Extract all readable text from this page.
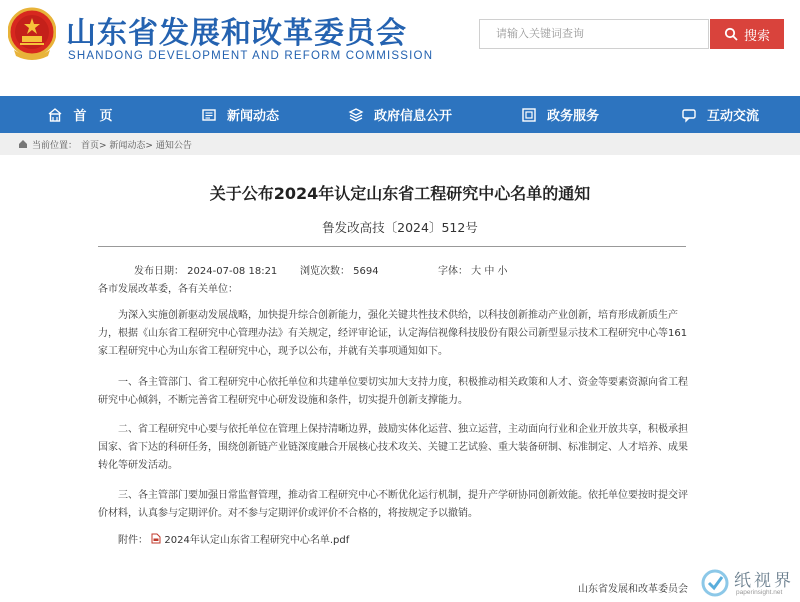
山东省发展和改革委员会
SHANDONG DEVELOPMENT AND REFORM COMMISSION
请输入关键词查询	搜索
首　页	新闻动态	政府信息公开	政务服务	互动交流
当前位置： 首页> 新闻动态> 通知公告
关于公布2024年认定山东省工程研究中心名单的通知
鲁发改高技〔2024〕512号
发布日期： 2024-07-08 18:21 浏览次数： 5694	字体： 大 中 小
各市发展改革委，各有关单位：
为深入实施创新驱动发展战略，加快提升综合创新能力，强化关键共性技术供给，以科技创新推动产业创新，培育形成新质生产力，根据《山东省工程研究中心管理办法》有关规定，经评审论证，认定海信视像科技股份有限公司新型显示技术工程研究中心等161家工程研究中心为山东省工程研究中心，现予以公布，并就有关事项通知如下。
一、各主管部门、省工程研究中心依托单位和共建单位要切实加大支持力度，积极推动相关政策和人才、资金等要素资源向省工程研究中心倾斜，不断完善省工程研究中心研发设施和条件，切实提升创新支撑能力。
二、省工程研究中心要与依托单位在管理上保持清晰边界，鼓励实体化运营、独立运营，主动面向行业和企业开放共享，积极承担国家、省下达的科研任务，围绕创新链产业链深度融合开展核心技术攻关、关键工艺试验、重大装备研制、标准制定、人才培养、成果转化等研发活动。
三、各主管部门要加强日常监督管理，推动省工程研究中心不断优化运行机制，提升产学研协同创新效能。依托单位要按时提交评价材料，认真参与定期评价。对不参与定期评价或评价不合格的，将按规定予以撤销。
附件： 2024年认定山东省工程研究中心名单.pdf
山东省发展和改革委员会	纸视界
paperinsight.net
